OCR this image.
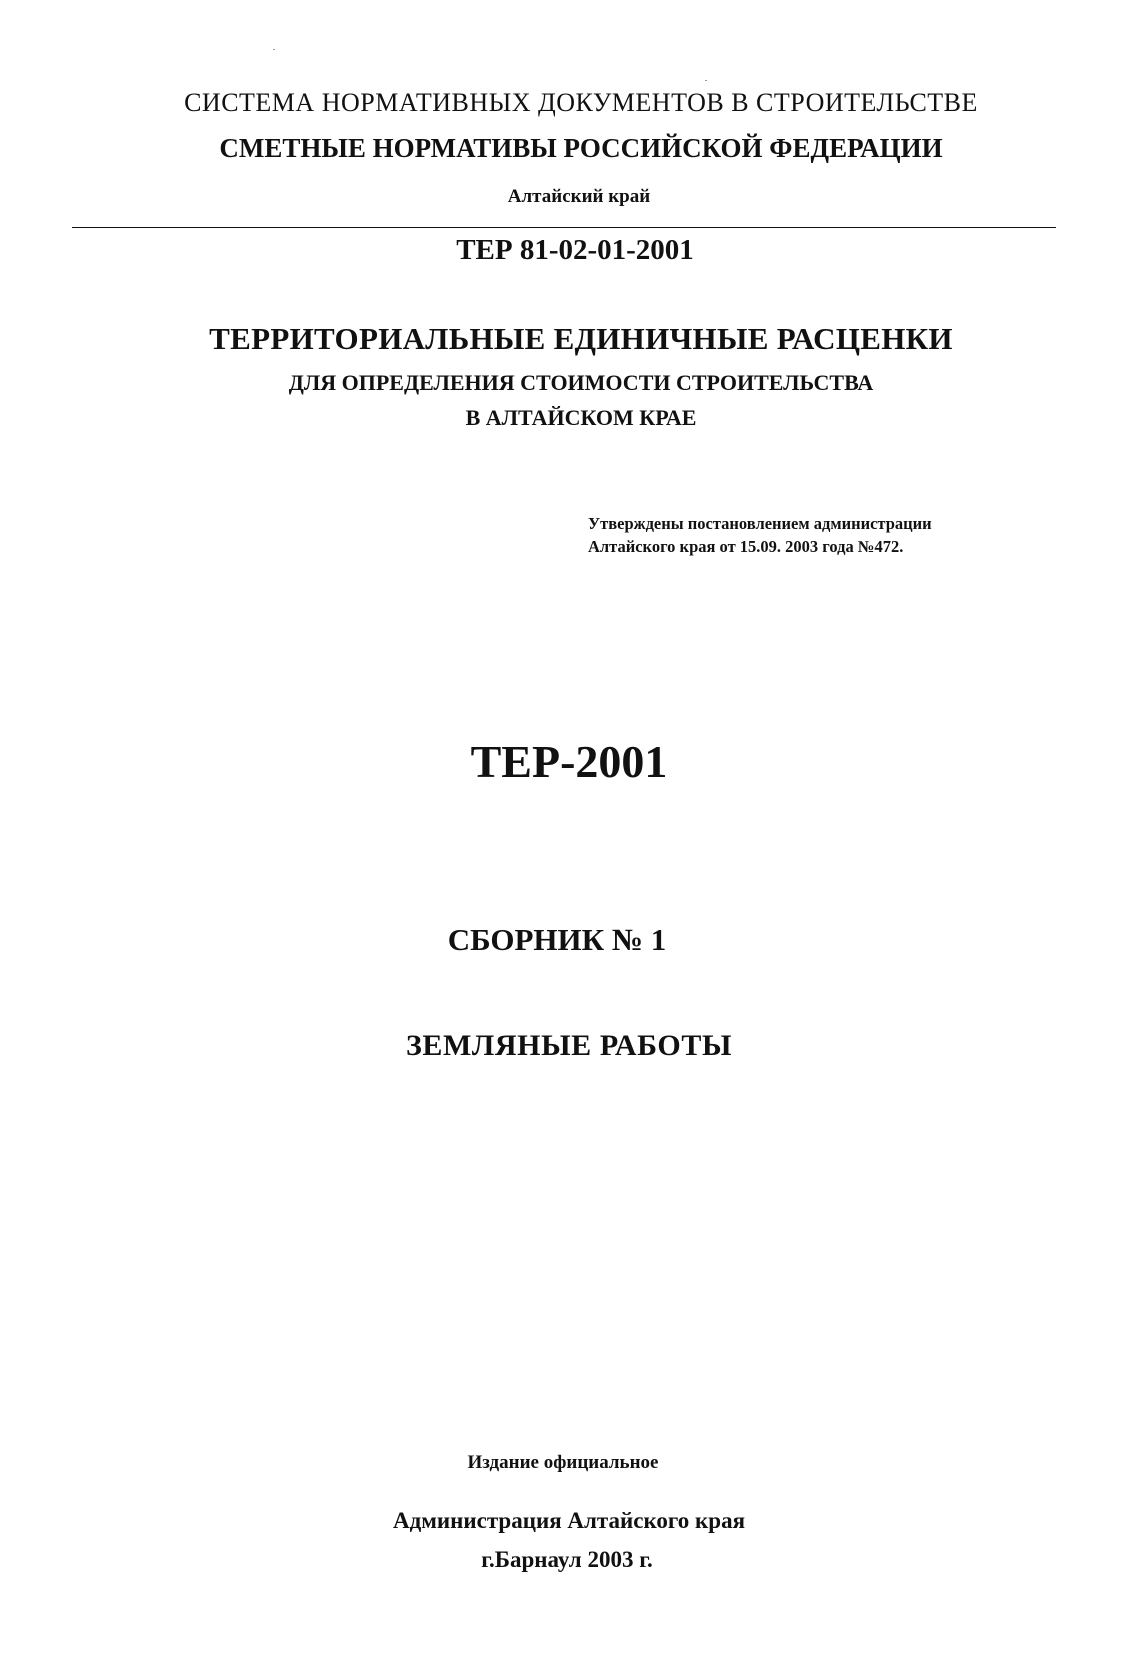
СИСТЕМА НОРМАТИВНЫХ ДОКУМЕНТОВ В СТРОИТЕЛЬСТВЕ
СМЕТНЫЕ НОРМАТИВЫ РОССИЙСКОЙ ФЕДЕРАЦИИ
Алтайский край
ТЕР 81-02-01-2001
ТЕРРИТОРИАЛЬНЫЕ ЕДИНИЧНЫЕ РАСЦЕНКИ
ДЛЯ ОПРЕДЕЛЕНИЯ СТОИМОСТИ СТРОИТЕЛЬСТВА
В АЛТАЙСКОМ КРАЕ
Утверждены постановлением администрации
Алтайского края от 15.09. 2003 года №472.
ТЕР-2001
СБОРНИК № 1
ЗЕМЛЯНЫЕ РАБОТЫ
Издание официальное
Администрация Алтайского края
г.Барнаул 2003 г.
